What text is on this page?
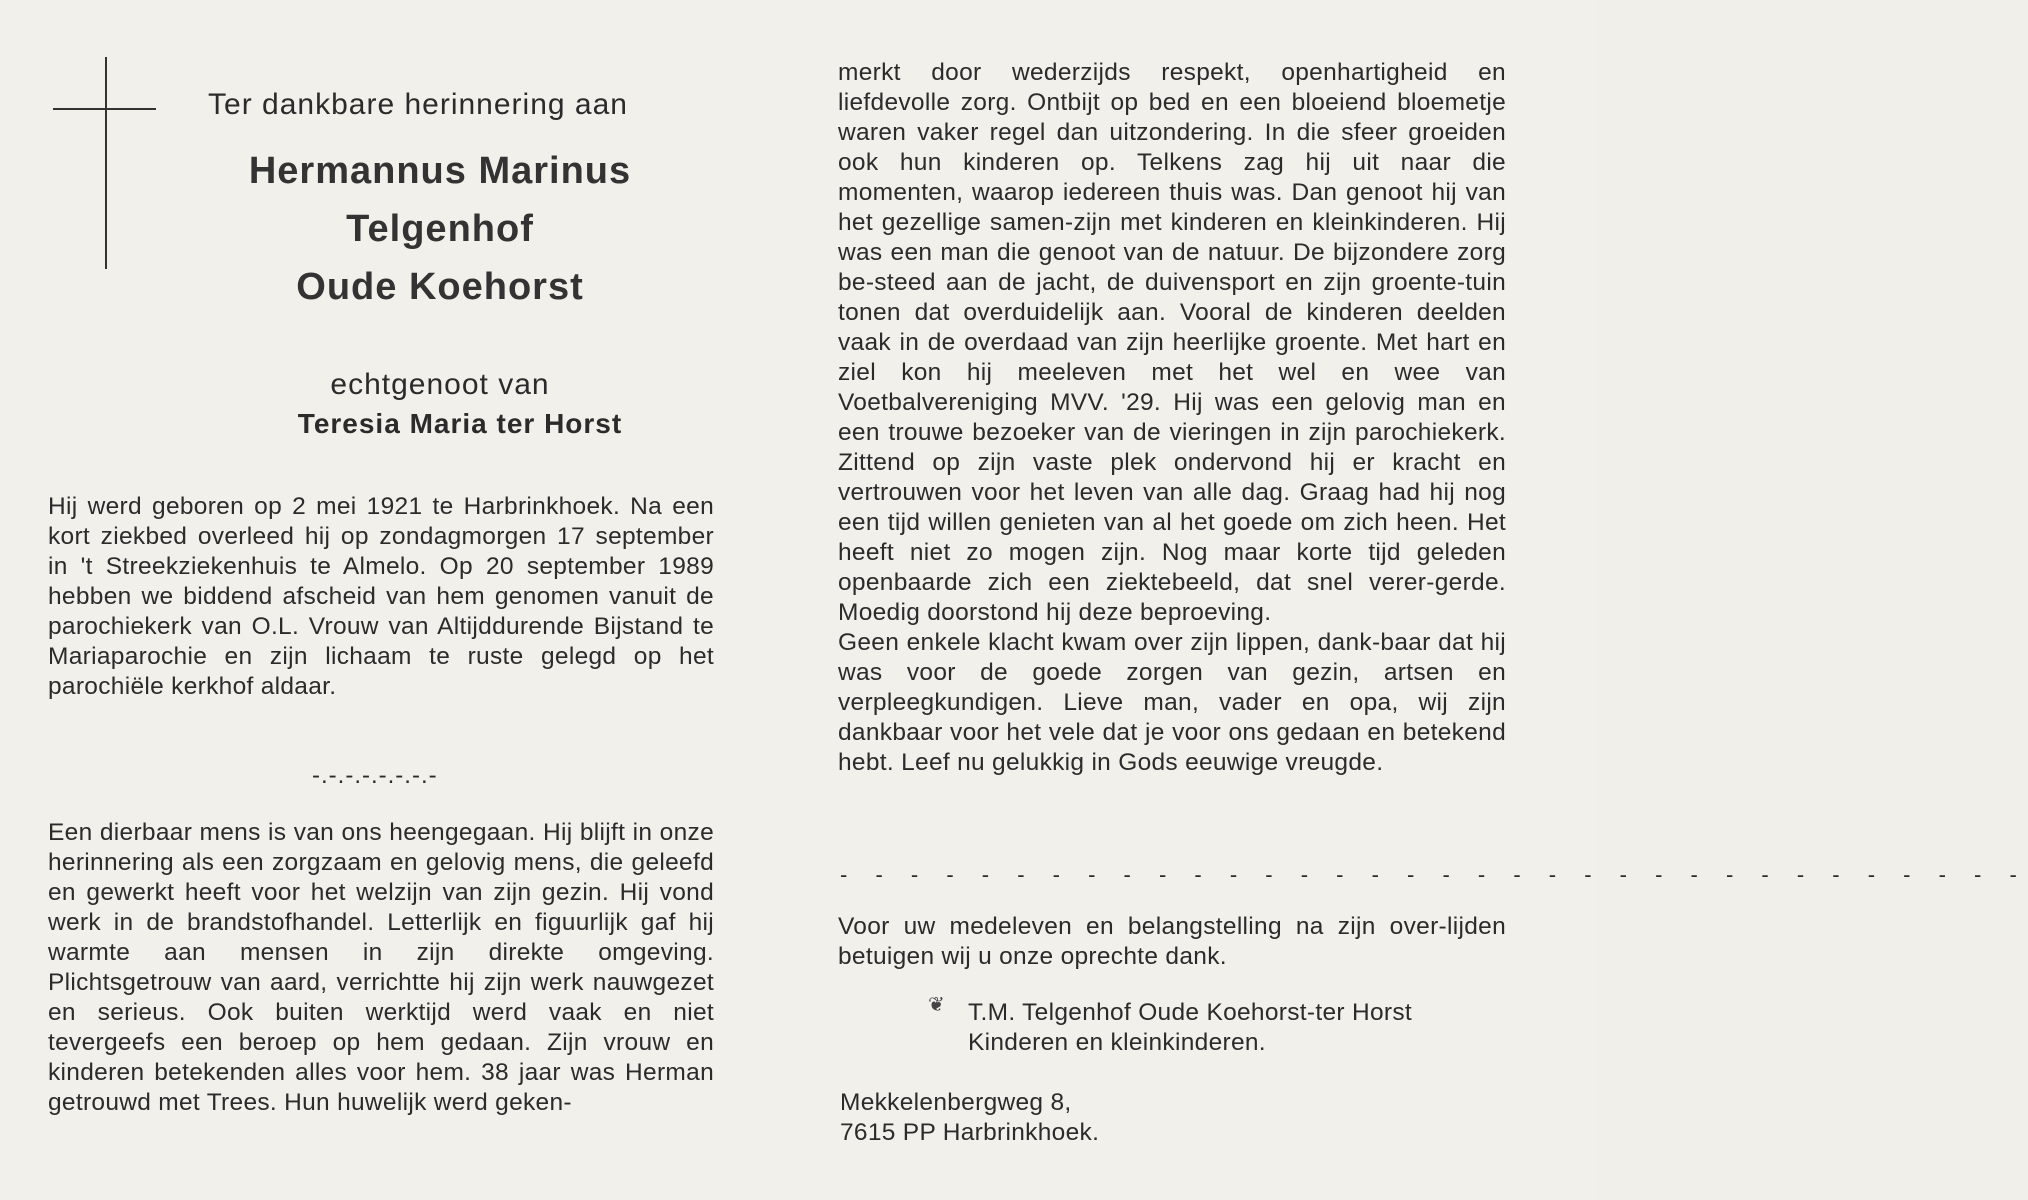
Ter dankbare herinnering aan
Hermannus Marinus
Telgenhof
Oude Koehorst
echtgenoot van
Teresia Maria ter Horst
Hij werd geboren op 2 mei 1921 te Harbrinkhoek. Na een kort ziekbed overleed hij op zondagmorgen 17 september in 't Streekziekenhuis te Almelo. Op 20 september 1989 hebben we biddend afscheid van hem genomen vanuit de parochiekerk van O.L. Vrouw van Altijddurende Bijstand te Mariaparochie en zijn lichaam te ruste gelegd op het parochiële kerkhof aldaar.
-.-.-.-.-.-.-.-
Een dierbaar mens is van ons heengegaan. Hij blijft in onze herinnering als een zorgzaam en gelovig mens, die geleefd en gewerkt heeft voor het welzijn van zijn gezin. Hij vond werk in de brandstofhandel. Letterlijk en figuurlijk gaf hij warmte aan mensen in zijn direkte omgeving. Plichtsgetrouw van aard, verrichtte hij zijn werk nauwgezet en serieus. Ook buiten werktijd werd vaak en niet tevergeefs een beroep op hem gedaan. Zijn vrouw en kinderen betekenden alles voor hem. 38 jaar was Herman getrouwd met Trees. Hun huwelijk werd geken-
merkt door wederzijds respekt, openhartigheid en liefdevolle zorg. Ontbijt op bed en een bloeiend bloemetje waren vaker regel dan uitzondering. In die sfeer groeiden ook hun kinderen op. Telkens zag hij uit naar die momenten, waarop iedereen thuis was. Dan genoot hij van het gezellige samen-zijn met kinderen en kleinkinderen. Hij was een man die genoot van de natuur. De bijzondere zorg be-steed aan de jacht, de duivensport en zijn groente-tuin tonen dat overduidelijk aan. Vooral de kinderen deelden vaak in de overdaad van zijn heerlijke groente. Met hart en ziel kon hij meeleven met het wel en wee van Voetbalvereniging MVV. '29. Hij was een gelovig man en een trouwe bezoeker van de vieringen in zijn parochiekerk. Zittend op zijn vaste plek ondervond hij er kracht en vertrouwen voor het leven van alle dag. Graag had hij nog een tijd willen genieten van al het goede om zich heen. Het heeft niet zo mogen zijn. Nog maar korte tijd geleden openbaarde zich een ziektebeeld, dat snel verer-gerde. Moedig doorstond hij deze beproeving.
Geen enkele klacht kwam over zijn lippen, dank-baar dat hij was voor de goede zorgen van gezin, artsen en verpleegkundigen. Lieve man, vader en opa, wij zijn dankbaar voor het vele dat je voor ons gedaan en betekend hebt. Leef nu gelukkig in Gods eeuwige vreugde.
- - - - - - - - - - - - - - - - - - - - - - - - - - - - - - - - - -
Voor uw medeleven en belangstelling na zijn over-lijden betuigen wij u onze oprechte dank.
❦ T.M. Telgenhof Oude Koehorst-ter Horst
Kinderen en kleinkinderen.
Mekkelenbergweg 8,
7615 PP Harbrinkhoek.
